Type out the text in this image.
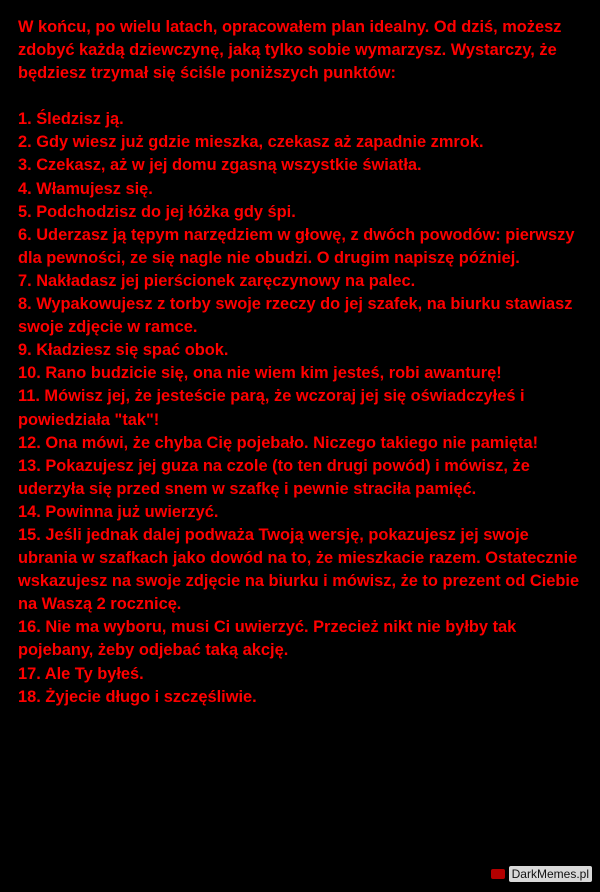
W końcu, po wielu latach, opracowałem plan idealny. Od dziś, możesz zdobyć każdą dziewczynę, jaką tylko sobie wymarzysz. Wystarczy, że będziesz trzymał się ściśle poniższych punktów:

1. Śledzisz ją.

2. Gdy wiesz już gdzie mieszka, czekasz aż zapadnie zmrok.

3. Czekasz, aż w jej domu zgasną wszystkie światła.

4. Włamujesz się.

5. Podchodzisz do jej łóżka gdy śpi.

6. Uderzasz ją tępym narzędziem w głowę, z dwóch powodów: pierwszy dla pewności, ze się nagle nie obudzi. O drugim napiszę później.

7. Nakładasz jej pierścionek zaręczynowy na palec.

8. Wypakowujesz z torby swoje rzeczy do jej szafek, na biurku stawiasz swoje zdjęcie w ramce.

9. Kładziesz się spać obok.

10. Rano budzicie się, ona nie wiem kim jesteś, robi awanturę!

11. Mówisz jej, że jesteście parą, że wczoraj jej się oświadczyłeś i powiedziała "tak"!

12. Ona mówi, że chyba Cię pojebało. Niczego takiego nie pamięta!

13. Pokazujesz jej guza na czole (to ten drugi powód) i mówisz, że uderzyła się przed snem w szafkę i pewnie straciła pamięć.

14. Powinna już uwierzyć.

15. Jeśli jednak dalej podważa Twoją wersję, pokazujesz jej swoje ubrania w szafkach jako dowód na to, że mieszkacie razem. Ostatecznie wskazujesz na swoje zdjęcie na biurku i mówisz, że to prezent od Ciebie na Waszą 2 rocznicę.

16. Nie ma wyboru, musi Ci uwierzyć. Przecież nikt nie byłby tak pojebany, żeby odjebać taką akcję.

17. Ale Ty byłeś.

18. Żyjecie długo i szczęśliwie.

DarkMemes.pl
